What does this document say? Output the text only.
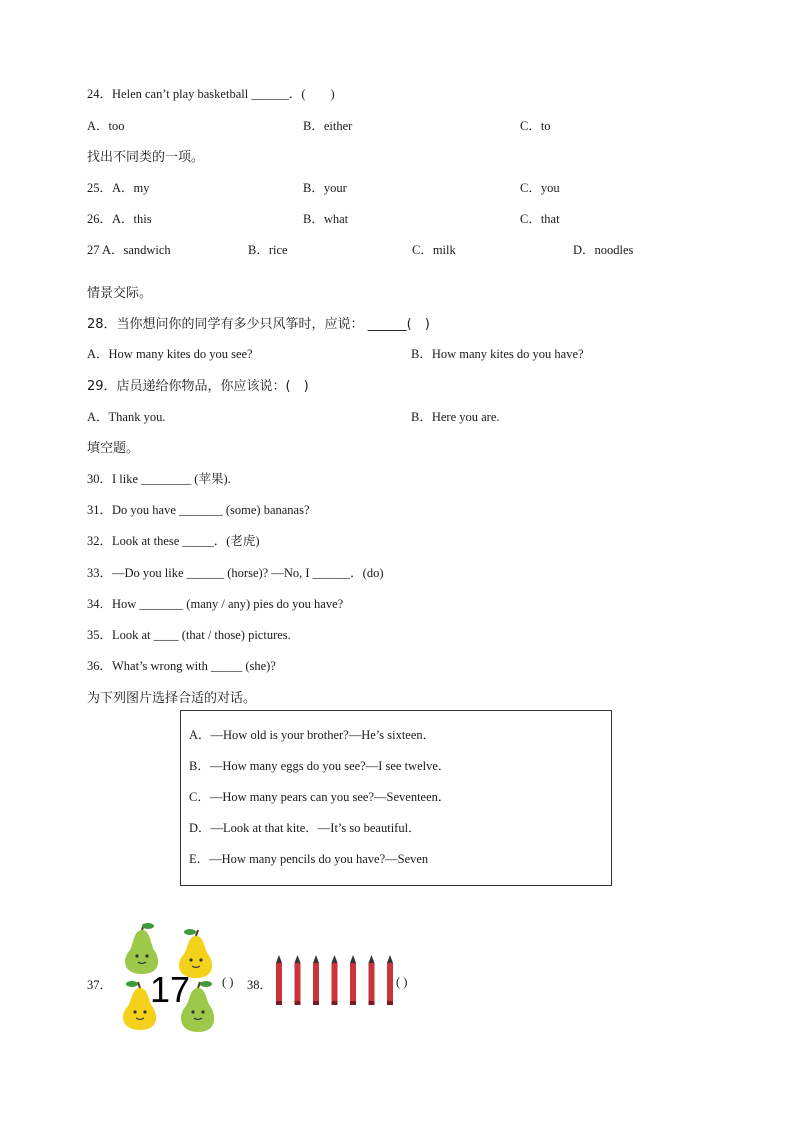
24．Helen can’t play basketball ______．(　　)
A．too	B．either	C．to
找出不同类的一项。
25．A．my	B．your	C．you
26．A．this	B．what	C．that
27 A．sandwich	B．rice	C．milk	D．noodles
情景交际。
28．当你想问你的同学有多少只风筝时，应说： ______(　)
A．How many kites do you see?	B．How many kites do you have?
29．店员递给你物品，你应该说：(　)
A．Thank you.	B．Here you are.
填空题。
30．I like ________ (苹果).
31．Do you have _______ (some) bananas?
32．Look at these _____．(老虎)
33．—Do you like ______ (horse)? —No, I ______．(do)
34．How _______ (many / any) pies do you have?
35．Look at ____ (that / those) pictures.
36．What’s wrong with _____ (she)?
为下列图片选择合适的对话。
A．—How old is your brother?—He’s sixteen．
B．—How many eggs do you see?—I see twelve．
C．—How many pears can you see?—Seventeen．
D．—Look at that kite．—It’s so beautiful．
E．—How many pencils do you have?—Seven
37． 17	( ) 38．	( )
